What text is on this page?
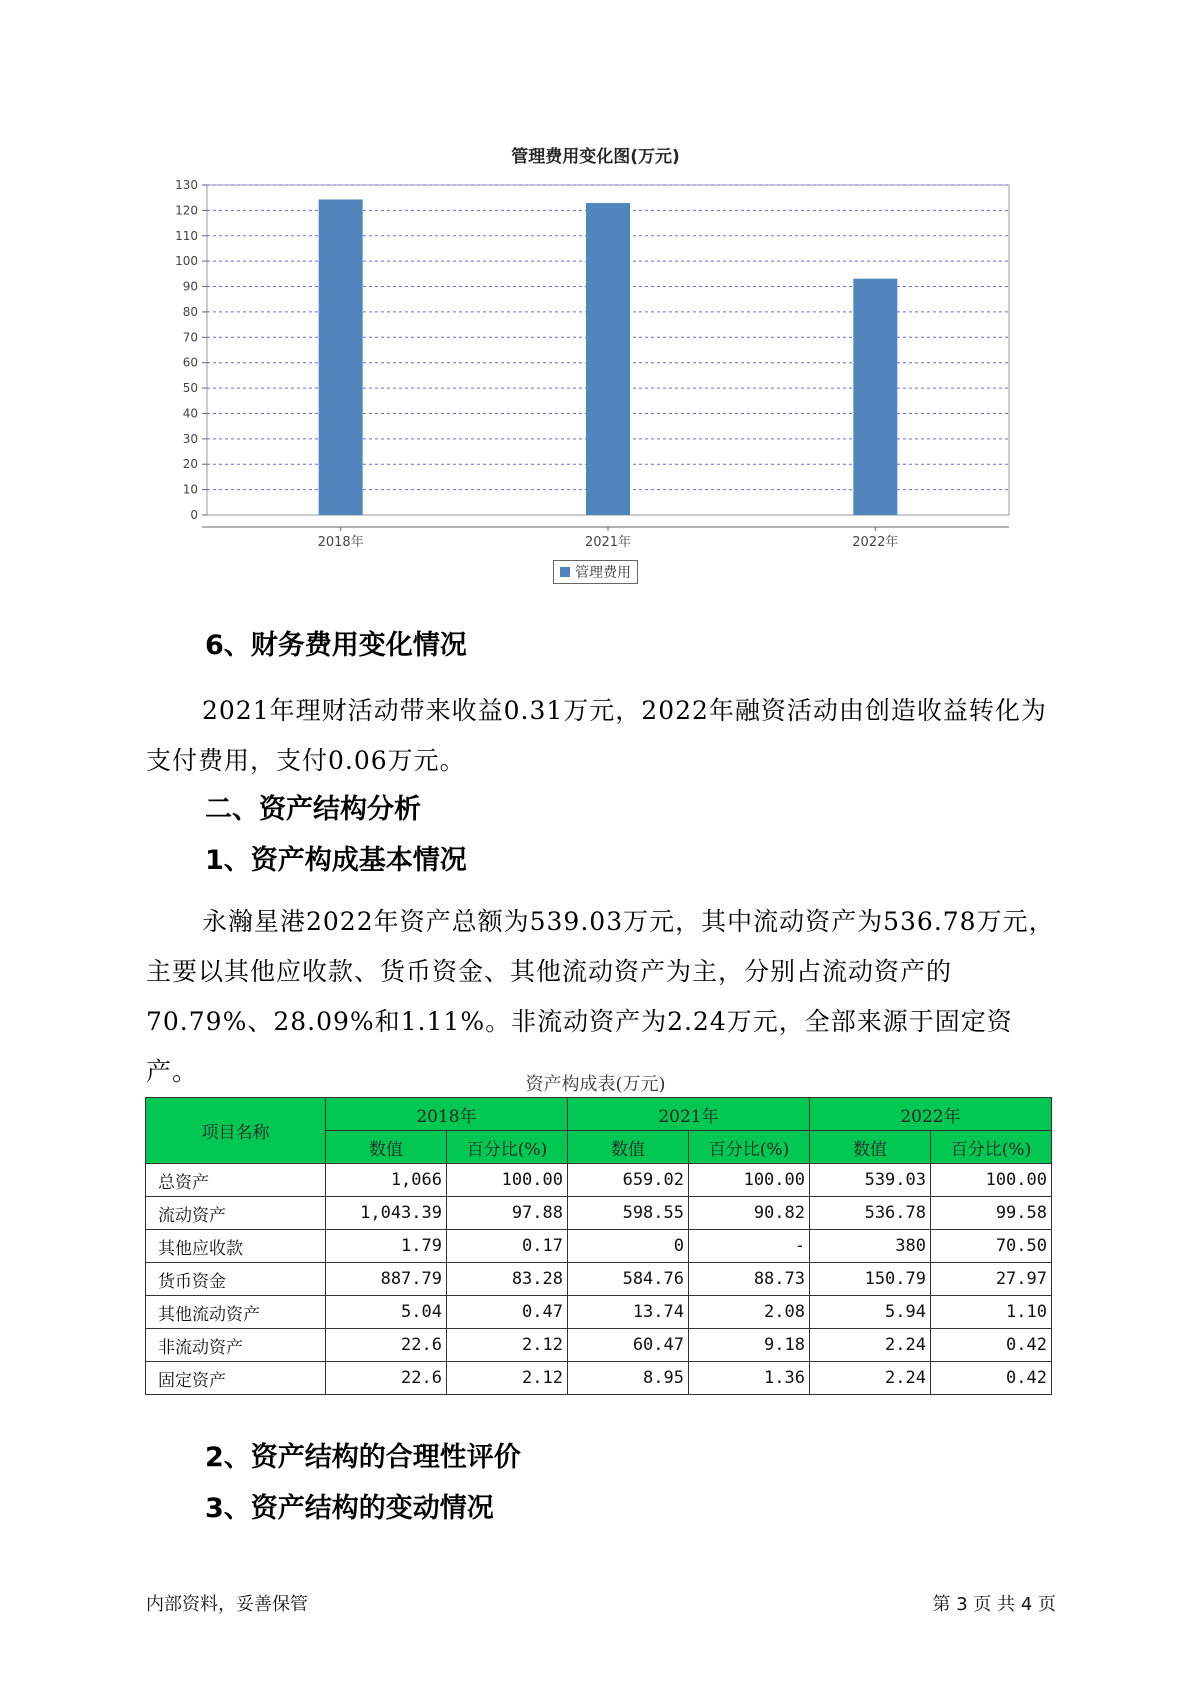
管理费用变化图(万元)
0
10
20
30
40
50
60
70
80
90
100
110
120
130
2018年	2021年	2022年
管理费用
6、财务费用变化情况
2021年理财活动带来收益0.31万元，2022年融资活动由创造收益转化为支付费用，支付0.06万元。
二、资产结构分析
1、资产构成基本情况
永瀚星港2022年资产总额为539.03万元，其中流动资产为536.78万元，主要以其他应收款、货币资金、其他流动资产为主，分别占流动资产的70.79%、28.09%和1.11%。非流动资产为2.24万元，全部来源于固定资产。	资产构成表(万元)
项目名称	2018年		2021年		2022年	
	数值	百分比(%)	数值	百分比(%)	数值	百分比(%)
总资产	1,066	100.00	659.02	100.00	539.03	100.00
流动资产	1,043.39	97.88	598.55	90.82	536.78	99.58
其他应收款	1.79	0.17	0	-	380	70.50
货币资金	887.79	83.28	584.76	88.73	150.79	27.97
其他流动资产	5.04	0.47	13.74	2.08	5.94	1.10
非流动资产	22.6	2.12	60.47	9.18	2.24	0.42
固定资产	22.6	2.12	8.95	1.36	2.24	0.42
2、资产结构的合理性评价
3、资产结构的变动情况
内部资料，妥善保管	第 3 页 共 4 页
